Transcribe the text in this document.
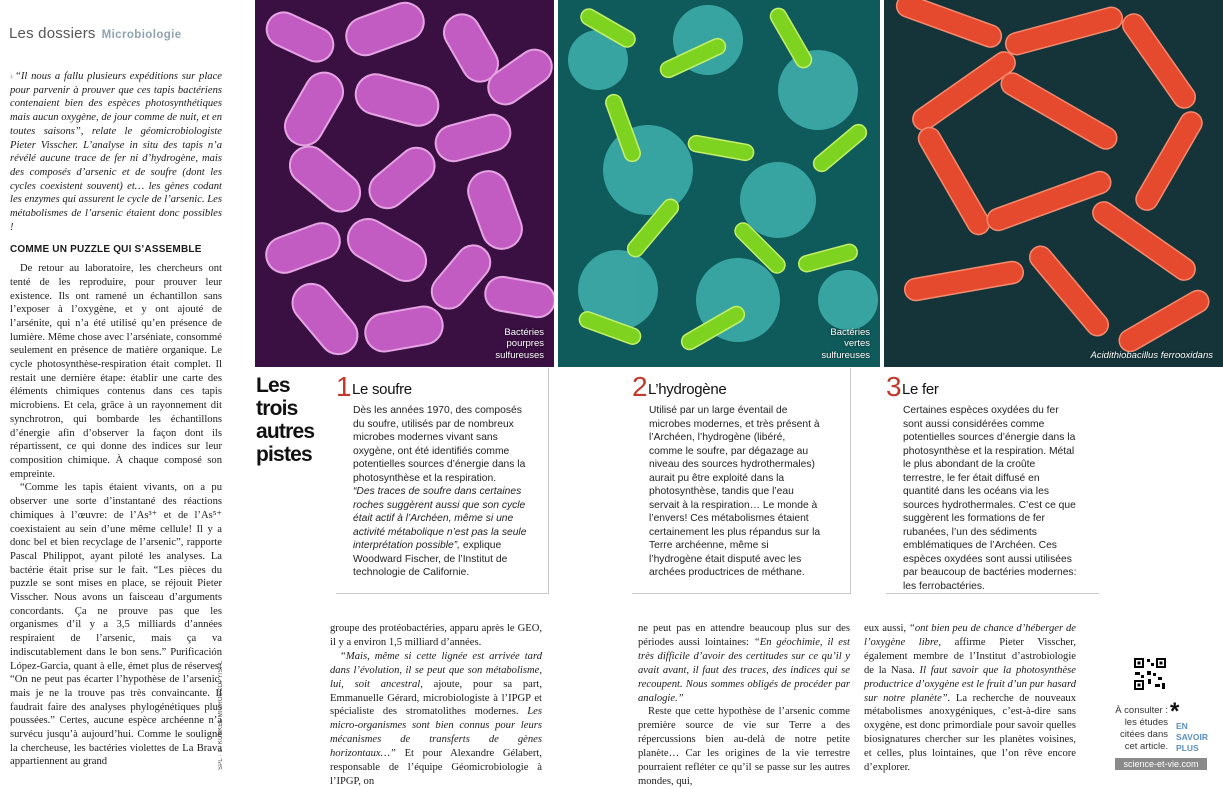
Les dossiers Microbiologie

› “Il nous a fallu plusieurs expéditions sur place pour parvenir à prouver que ces tapis bactériens contenaient bien des espèces photosynthétiques mais aucun oxygène, de jour comme de nuit, et en toutes saisons”, relate le géomicrobiologiste Pieter Visscher. L’analyse in situ des tapis n’a révélé aucune trace de fer ni d’hydrogène, mais des composés d’arsenic et de soufre (dont les cycles coexistent souvent) et… les gènes codant les enzymes qui assurent le cycle de l’arsenic. Les métabolismes de l’arsenic étaient donc possibles !

COMME UN PUZZLE QUI S’ASSEMBLE

De retour au laboratoire, les chercheurs ont tenté de les reproduire, pour prouver leur existence. Ils ont ramené un échantillon sans l’exposer à l’oxygène, et y ont ajouté de l’arsénite, qui n’a été utilisé qu’en présence de lumière. Même chose avec l’arséniate, consommé seulement en présence de matière organique. Le cycle photosynthèse-respiration était complet. Il restait une dernière étape: établir une carte des éléments chimiques contenus dans ces tapis microbiens. Et cela, grâce à un rayonnement dit synchrotron, qui bombarde les échantillons d’énergie afin d’observer la façon dont ils répartissent, ce qui donne des indices sur leur composition chimique. À chaque composé son empreinte.

“Comme les tapis étaient vivants, on a pu observer une sorte d’instantané des réactions chimiques à l’œuvre: de l’As³⁺ et de l’As⁵⁺ coexistaient au sein d’une même cellule! Il y a donc bel et bien recyclage de l’arsenic”, rapporte Pascal Philippot, ayant piloté les analyses. La bactérie était prise sur le fait. “Les pièces du puzzle se sont mises en place, se réjouit Pieter Visscher. Nous avons un faisceau d’arguments concordants. Ça ne prouve pas que les organismes d’il y a 3,5 milliards d’années respiraient de l’arsenic, mais ça va indiscutablement dans le bon sens.” Purificación López-Garcia, quant à elle, émet plus de réserves: “On ne peut pas écarter l’hypothèse de l’arsenic, mais je ne la trouve pas très convaincante. Il faudrait faire des analyses phylogénétiques plus poussées.” Certes, aucune espèce archéenne n’a survécu jusqu’à aujourd’hui. Comme le souligne la chercheuse, les bactéries violettes de La Brava appartiennent au grand	SPL · D. KUNKEL MICROSCOPY/SPL
Bactéries pourpres sulfureuses
Bactéries vertes sulfureuses	Acidithiobacillus ferrooxidans
Les trois autres pistes
1 Le soufre
Dès les années 1970, des composés du soufre, utilisés par de nombreux microbes modernes vivant sans oxygène, ont été identifiés comme potentielles sources d’énergie dans la photosynthèse et la respiration.
“Des traces de soufre dans certaines roches suggèrent aussi que son cycle était actif à l’Archéen, même si une activité métabolique n’est pas la seule interprétation possible”, explique Woodward Fischer, de l’Institut de technologie de Californie.
2 L’hydrogène
Utilisé par un large éventail de microbes modernes, et très présent à l’Archéen, l’hydrogène (libéré, comme le soufre, par dégazage au niveau des sources hydrothermales) aurait pu être exploité dans la photosynthèse, tandis que l’eau servait à la respiration… Le monde à l’envers! Ces métabolismes étaient certainement les plus répandus sur la Terre archéenne, même si l’hydrogène était disputé avec les archées productrices de méthane.
3 Le fer
Certaines espèces oxydées du fer sont aussi considérées comme potentielles sources d’énergie dans la photosynthèse et la respiration. Métal le plus abondant de la croûte terrestre, le fer était diffusé en quantité dans les océans via les sources hydrothermales. C’est ce que suggèrent les formations de fer rubanées, l’un des sédiments emblématiques de l’Archéen. Ces espèces oxydées sont aussi utilisées par beaucoup de bactéries modernes: les ferrobactéries.

groupe des protéobactéries, apparu après le GEO, il y a environ 1,5 milliard d’années.

“Mais, même si cette lignée est arrivée tard dans l’évolution, il se peut que son métabolisme, lui, soit ancestral, ajoute, pour sa part, Emmanuelle Gérard, microbiologiste à l’IPGP et spécialiste des stromatolithes modernes. Les micro-organismes sont bien connus pour leurs mécanismes de transferts de gènes horizontaux…” Et pour Alexandre Gélabert, responsable de l’équipe Géomicrobiologie à l’IPGP, on

ne peut pas en attendre beaucoup plus sur des périodes aussi lointaines: “En géochimie, il est très difficile d’avoir des certitudes sur ce qu’il y avait avant, il faut des traces, des indices qui se recoupent. Nous sommes obligés de procéder par analogie.”

Reste que cette hypothèse de l’arsenic comme première source de vie sur Terre a des répercussions bien au-delà de notre petite planète… Car les origines de la vie terrestre pourraient refléter ce qu’il se passe sur les autres mondes, qui,

eux aussi, “ont bien peu de chance d’héberger de l’oxygène libre, affirme Pieter Visscher, également membre de l’Institut d’astrobiologie de la Nasa. Il faut savoir que la photosynthèse productrice d’oxygène est le fruit d’un pur hasard sur notre planète”. La recherche de nouveaux métabolismes anoxygéniques, c’est-à-dire sans oxygène, est donc primordiale pour savoir quelles biosignatures chercher sur les planètes voisines, et celles, plus lointaines, que l’on rêve encore d’explorer.

À consulter : les études citées dans cet article.
*
EN SAVOIR PLUS
science-et-vie.com
